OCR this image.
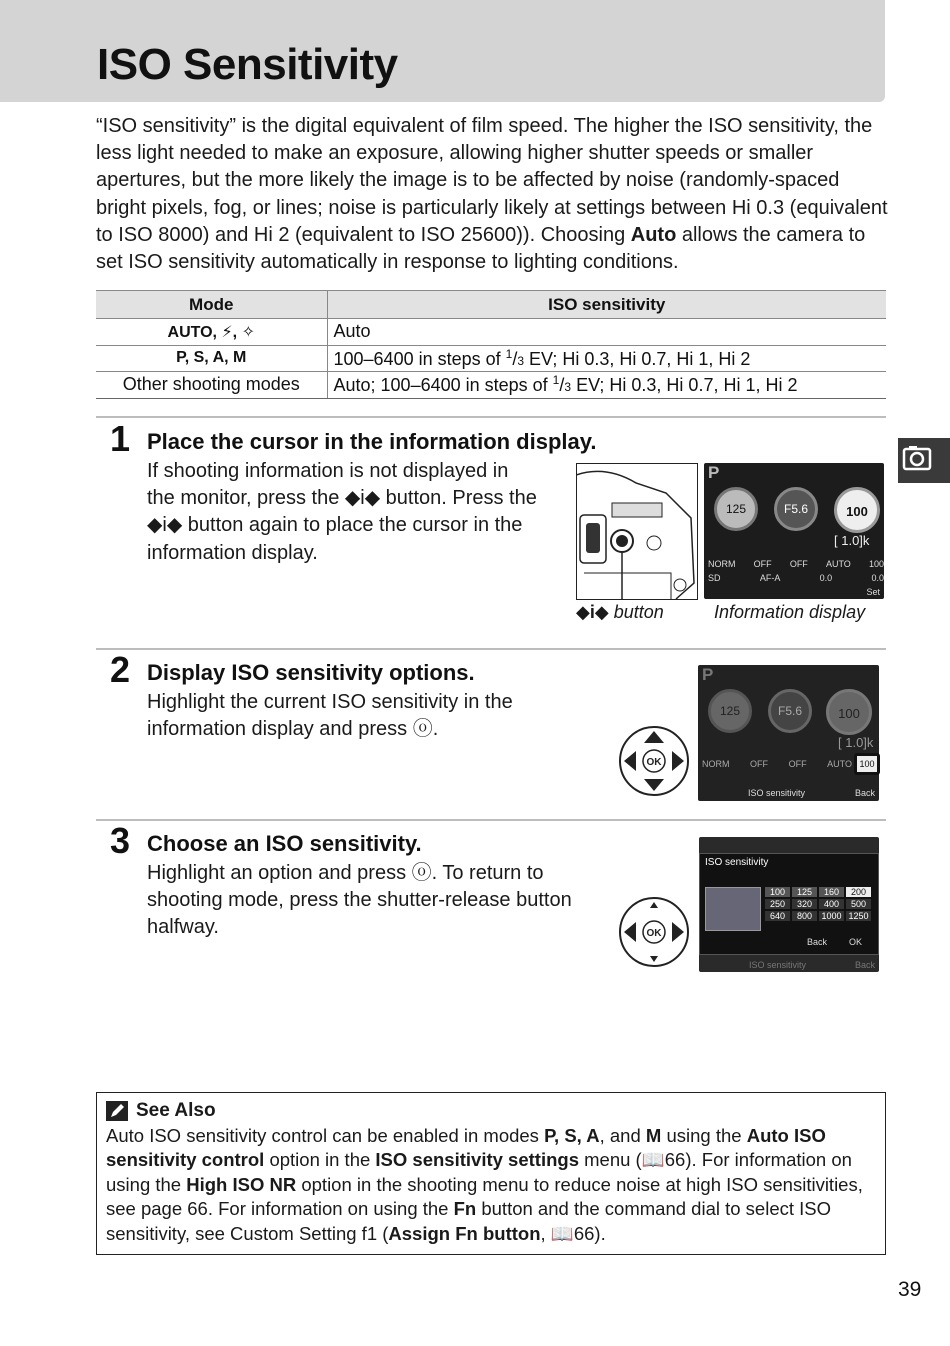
ISO Sensitivity

“ISO sensitivity” is the digital equivalent of film speed. The higher the ISO sensitivity, the less light needed to make an exposure, allowing higher shutter speeds or smaller apertures, but the more likely the image is to be affected by noise (randomly-spaced bright pixels, fog, or lines; noise is particularly likely at settings between Hi 0.3 (equivalent to ISO 8000) and Hi 2 (equivalent to ISO 25600)). Choosing Auto allows the camera to set ISO sensitivity automatically in response to lighting conditions.

Mode	ISO sensitivity
AUTO, ⚡, ✧	Auto
P, S, A, M	100–6400 in steps of $^1$/3 EV; Hi 0.3, Hi 0.7, Hi 1, Hi 2
Other shooting modes	Auto; 100–6400 in steps of $^1$/3 EV; Hi 0.3, Hi 0.7, Hi 1, Hi 2
1 Place the cursor in the information display.
If shooting information is not displayed in
the monitor, press the ◆i◆ button. Press the
◆i◆ button again to place the cursor in the
information display.
P
125	F5.6	100
[ 1.0]k
NORM OFF OFF AUTO 100
SD	AF-A	0.0	0.0
Set
◆i◆ button	Information display
2 Display ISO sensitivity options.
Highlight the current ISO sensitivity in the
information display and press ⓞ.
OK
P
125	F5.6	100
[ 1.0]k
NORM OFF OFF AUTO 100
ISO sensitivity	Back
3 Choose an ISO sensitivity.
Highlight an option and press ⓞ. To return to
shooting mode, press the shutter-release button
halfway.	OK
ISO sensitivity
100	125	160	200
250	320	400	500
640	800	1000 1250
Back OK
ISO sensitivity	Back
See Also
Auto ISO sensitivity control can be enabled in modes P, S, A, and M using the Auto ISO sensitivity control option in the ISO sensitivity settings menu (📖66). For information on using the High ISO NR option in the shooting menu to reduce noise at high ISO sensitivities, see page 66. For information on using the Fn button and the command dial to select ISO sensitivity, see Custom Setting f1 (Assign Fn button, 📖66).
39
